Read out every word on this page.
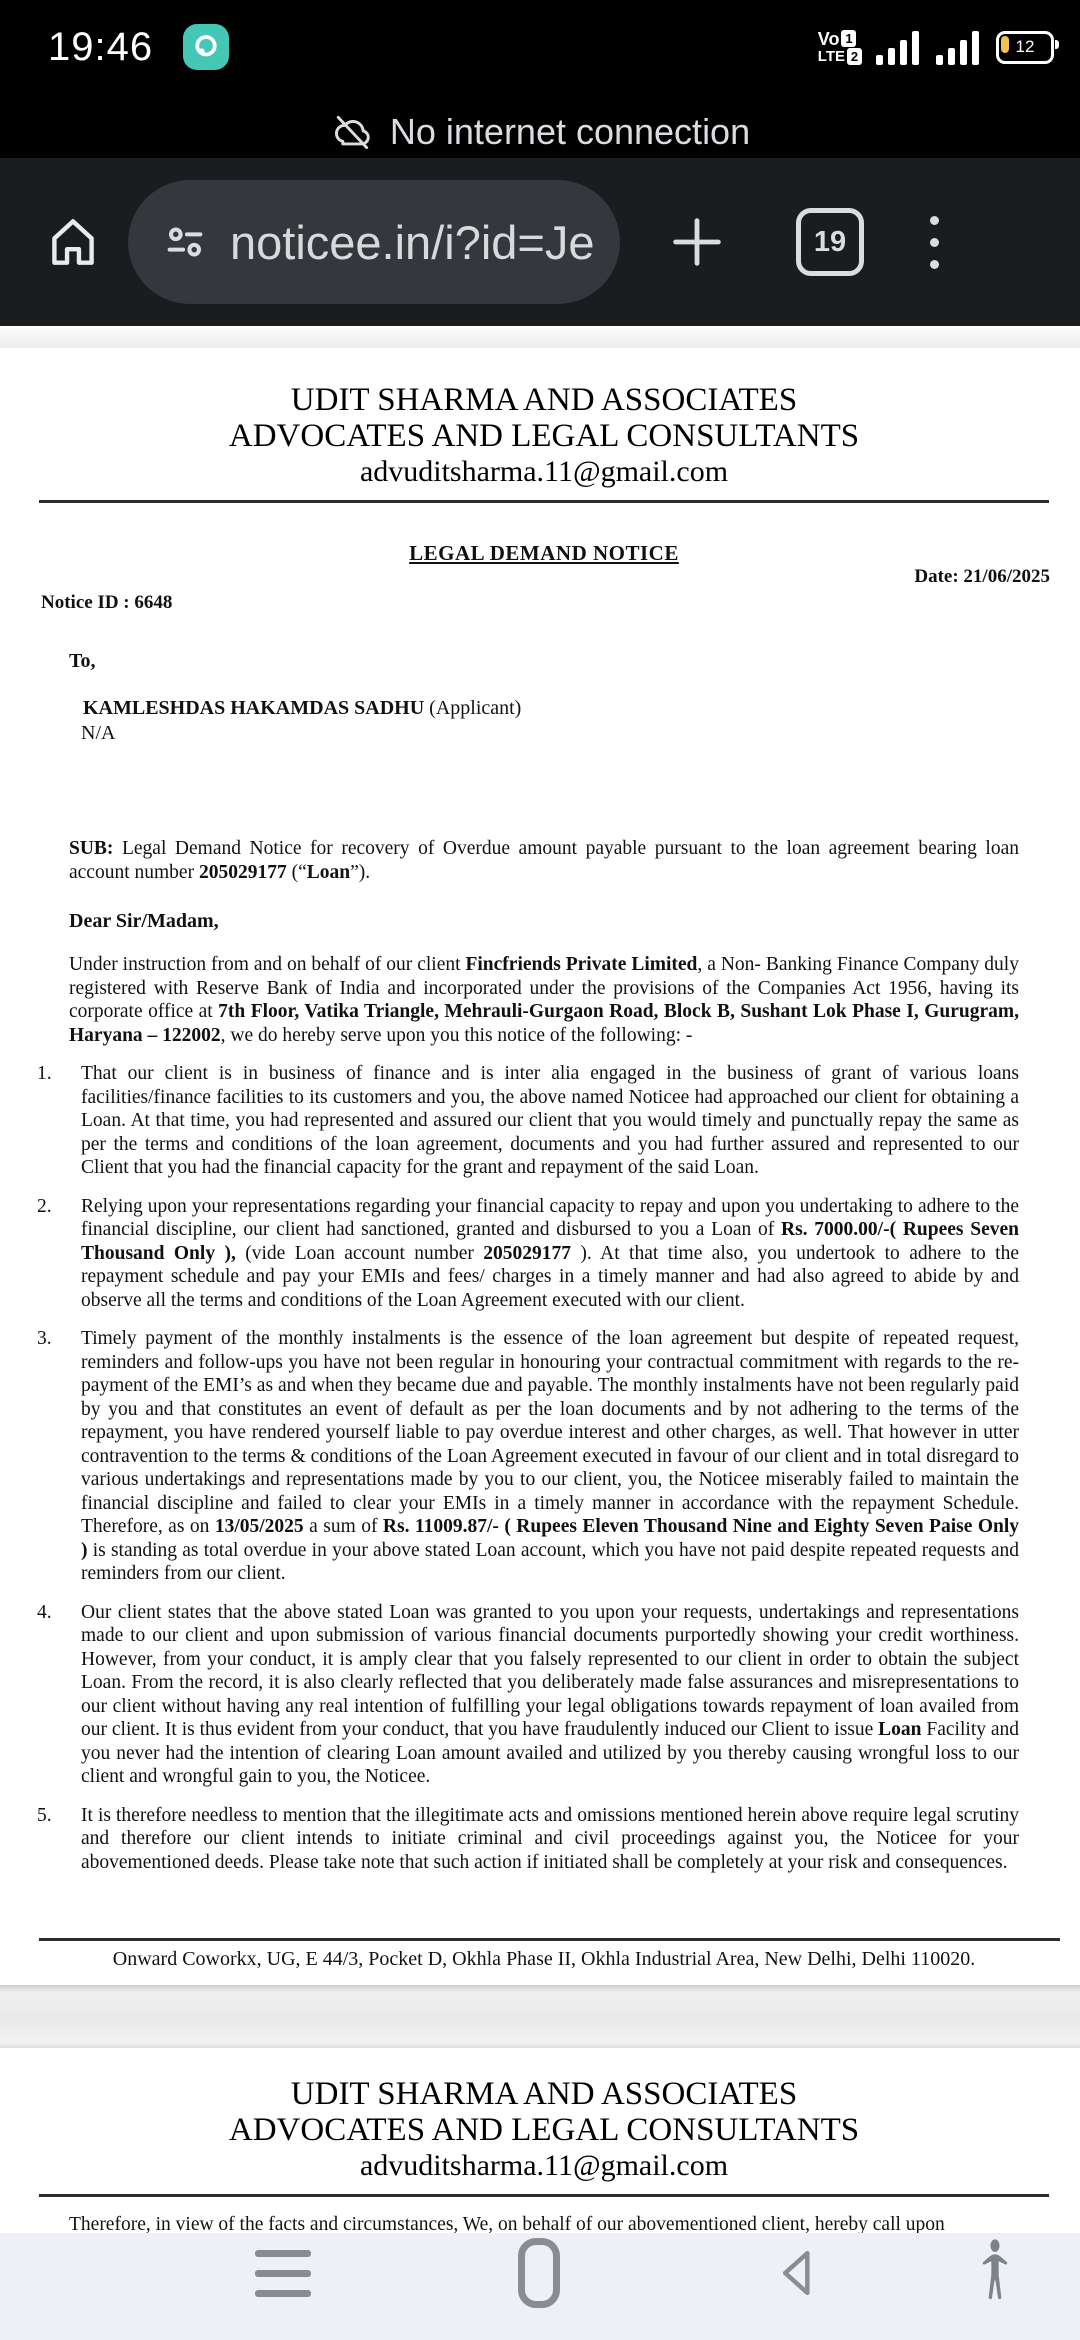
19:46	Vo 1
LTE 2	12
No internet connection
noticee.in/i?id=Je	19
UDIT SHARMA AND ASSOCIATES
ADVOCATES AND LEGAL CONSULTANTS
advuditsharma.11@gmail.com
LEGAL DEMAND NOTICE
Date: 21/06/2025
Notice ID : 6648
To,
KAMLESHDAS HAKAMDAS SADHU (Applicant)
N/A
SUB: Legal Demand Notice for recovery of Overdue amount payable pursuant to the loan agreement bearing loan account number 205029177 (“Loan”).
Dear Sir/Madam,
Under instruction from and on behalf of our client Fincfriends Private Limited, a Non- Banking Finance Company duly registered with Reserve Bank of India and incorporated under the provisions of the Companies Act 1956, having its corporate office at 7th Floor, Vatika Triangle, Mehrauli-Gurgaon Road, Block B, Sushant Lok Phase I, Gurugram, Haryana – 122002, we do hereby serve upon you this notice of the following: -
1. That our client is in business of finance and is inter alia engaged in the business of grant of various loans facilities/finance facilities to its customers and you, the above named Noticee had approached our client for obtaining a Loan. At that time, you had represented and assured our client that you would timely and punctually repay the same as per the terms and conditions of the loan agreement, documents and you had further assured and represented to our Client that you had the financial capacity for the grant and repayment of the said Loan.
2. Relying upon your representations regarding your financial capacity to repay and upon you undertaking to adhere to the financial discipline, our client had sanctioned, granted and disbursed to you a Loan of Rs. 7000.00/-( Rupees Seven Thousand Only ), (vide Loan account number 205029177 ). At that time also, you undertook to adhere to the repayment schedule and pay your EMIs and fees/ charges in a timely manner and had also agreed to abide by and observe all the terms and conditions of the Loan Agreement executed with our client.
3. Timely payment of the monthly instalments is the essence of the loan agreement but despite of repeated request, reminders and follow-ups you have not been regular in honouring your contractual commitment with regards to the re-payment of the EMI’s as and when they became due and payable. The monthly instalments have not been regularly paid by you and that constitutes an event of default as per the loan documents and by not adhering to the terms of the repayment, you have rendered yourself liable to pay overdue interest and other charges, as well. That however in utter contravention to the terms & conditions of the Loan Agreement executed in favour of our client and in total disregard to various undertakings and representations made by you to our client, you, the Noticee miserably failed to maintain the financial discipline and failed to clear your EMIs in a timely manner in accordance with the repayment Schedule. Therefore, as on 13/05/2025 a sum of Rs. 11009.87/- ( Rupees Eleven Thousand Nine and Eighty Seven Paise Only ) is standing as total overdue in your above stated Loan account, which you have not paid despite repeated requests and reminders from our client.
4. Our client states that the above stated Loan was granted to you upon your requests, undertakings and representations made to our client and upon submission of various financial documents purportedly showing your credit worthiness. However, from your conduct, it is amply clear that you falsely represented to our client in order to obtain the subject Loan. From the record, it is also clearly reflected that you deliberately made false assurances and misrepresentations to our client without having any real intention of fulfilling your legal obligations towards repayment of loan availed from our client. It is thus evident from your conduct, that you have fraudulently induced our Client to issue Loan Facility and you never had the intention of clearing Loan amount availed and utilized by you thereby causing wrongful loss to our client and wrongful gain to you, the Noticee.
5. It is therefore needless to mention that the illegitimate acts and omissions mentioned herein above require legal scrutiny and therefore our client intends to initiate criminal and civil proceedings against you, the Noticee for your abovementioned deeds. Please take note that such action if initiated shall be completely at your risk and consequences.
Onward Coworkx, UG, E 44/3, Pocket D, Okhla Phase II, Okhla Industrial Area, New Delhi, Delhi 110020.
UDIT SHARMA AND ASSOCIATES
ADVOCATES AND LEGAL CONSULTANTS
advuditsharma.11@gmail.com
Therefore, in view of the facts and circumstances, We, on behalf of our abovementioned client, hereby call upon
